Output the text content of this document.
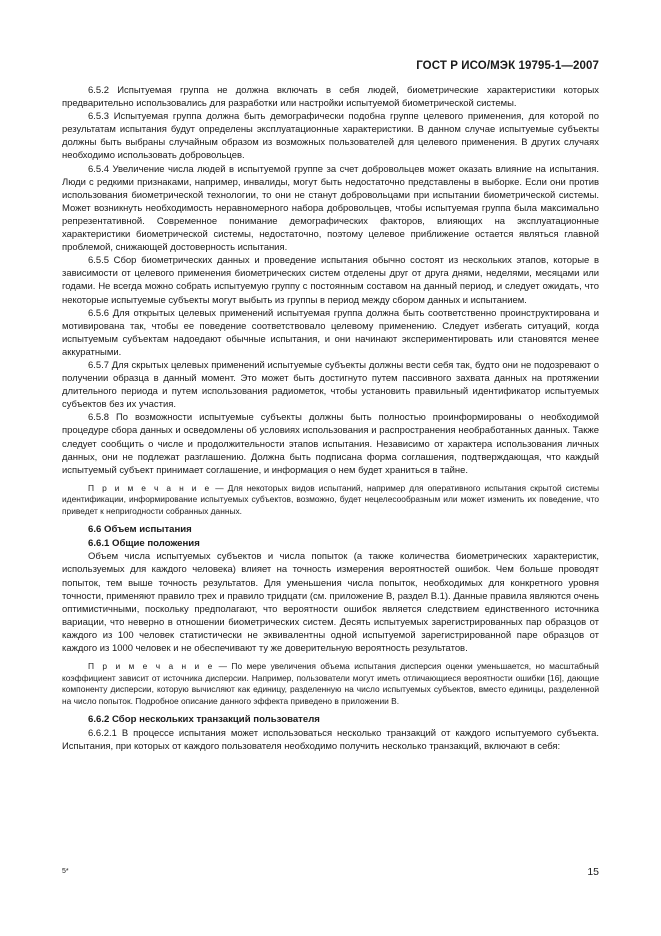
ГОСТ Р ИСО/МЭК 19795-1—2007

6.5.2 Испытуемая группа не должна включать в себя людей, биометрические характеристики которых предварительно использовались для разработки или настройки испытуемой биометрической системы.

6.5.3 Испытуемая группа должна быть демографически подобна группе целевого применения, для которой по результатам испытания будут определены эксплуатационные характеристики. В данном случае испытуемые субъекты должны быть выбраны случайным образом из возможных пользователей для целевого применения. В других случаях необходимо использовать добровольцев.

6.5.4 Увеличение числа людей в испытуемой группе за счет добровольцев может оказать влияние на испытания. Люди с редкими признаками, например, инвалиды, могут быть недостаточно представлены в выборке. Если они против использования биометрической технологии, то они не станут добровольцами при испытании биометрической системы. Может возникнуть необходимость неравномерного набора добровольцев, чтобы испытуемая группа была максимально репрезентативной. Современное понимание демографических факторов, влияющих на эксплуатационные характеристики биометрической системы, недостаточно, поэтому целевое приближение остается являться главной проблемой, снижающей достоверность испытания.

6.5.5 Сбор биометрических данных и проведение испытания обычно состоят из нескольких этапов, которые в зависимости от целевого применения биометрических систем отделены друг от друга днями, неделями, месяцами или годами. Не всегда можно собрать испытуемую группу с постоянным составом на данный период, и следует ожидать, что некоторые испытуемые субъекты могут выбыть из группы в период между сбором данных и испытанием.

6.5.6 Для открытых целевых применений испытуемая группа должна быть соответственно проинструктирована и мотивирована так, чтобы ее поведение соответствовало целевому применению. Следует избегать ситуаций, когда испытуемым субъектам надоедают обычные испытания, и они начинают экспериментировать или становятся менее аккуратными.

6.5.7 Для скрытых целевых применений испытуемые субъекты должны вести себя так, будто они не подозревают о получении образца в данный момент. Это может быть достигнуто путем пассивного захвата данных на протяжении длительного периода и путем использования радиометок, чтобы установить правильный идентификатор испытуемых субъектов без их участия.

6.5.8 По возможности испытуемые субъекты должны быть полностью проинформированы о необходимой процедуре сбора данных и осведомлены об условиях использования и распространения необработанных данных. Также следует сообщить о числе и продолжительности этапов испытания. Независимо от характера использования личных данных, они не подлежат разглашению. Должна быть подписана форма соглашения, подтверждающая, что каждый испытуемый субъект принимает соглашение, и информация о нем будет храниться в тайне.

П р и м е ч а н и е — Для некоторых видов испытаний, например для оперативного испытания скрытой системы идентификации, информирование испытуемых субъектов, возможно, будет нецелесообразным или может изменить их поведение, что приведет к непригодности собранных данных.

6.6 Объем испытания

6.6.1 Общие положения

Объем числа испытуемых субъектов и числа попыток (а также количества биометрических характеристик, используемых для каждого человека) влияет на точность измерения вероятностей ошибок. Чем больше проводят попыток, тем выше точность результатов. Для уменьшения числа попыток, необходимых для конкретного уровня точности, применяют правило трех и правило тридцати (см. приложение В, раздел В.1). Данные правила являются очень оптимистичными, поскольку предполагают, что вероятности ошибок является следствием единственного источника вариации, что неверно в отношении биометрических систем. Десять испытуемых зарегистрированных пар образцов от каждого из 100 человек статистически не эквивалентны одной испытуемой зарегистрированной паре образцов от каждого из 1000 человек и не обеспечивают ту же доверительную вероятность результатов.

П р и м е ч а н и е — По мере увеличения объема испытания дисперсия оценки уменьшается, но масштабный коэффициент зависит от источника дисперсии. Например, пользователи могут иметь отличающиеся вероятности ошибки [16], дающие компоненту дисперсии, которую вычисляют как единицу, разделенную на число испытуемых субъектов, вместо единицы, разделенной на число попыток. Подробное описание данного эффекта приведено в приложении В.

6.6.2 Сбор нескольких транзакций пользователя

6.6.2.1 В процессе испытания может использоваться несколько транзакций от каждого испытуемого субъекта. Испытания, при которых от каждого пользователя необходимо получить несколько транзакций, включают в себя:

5*	15
